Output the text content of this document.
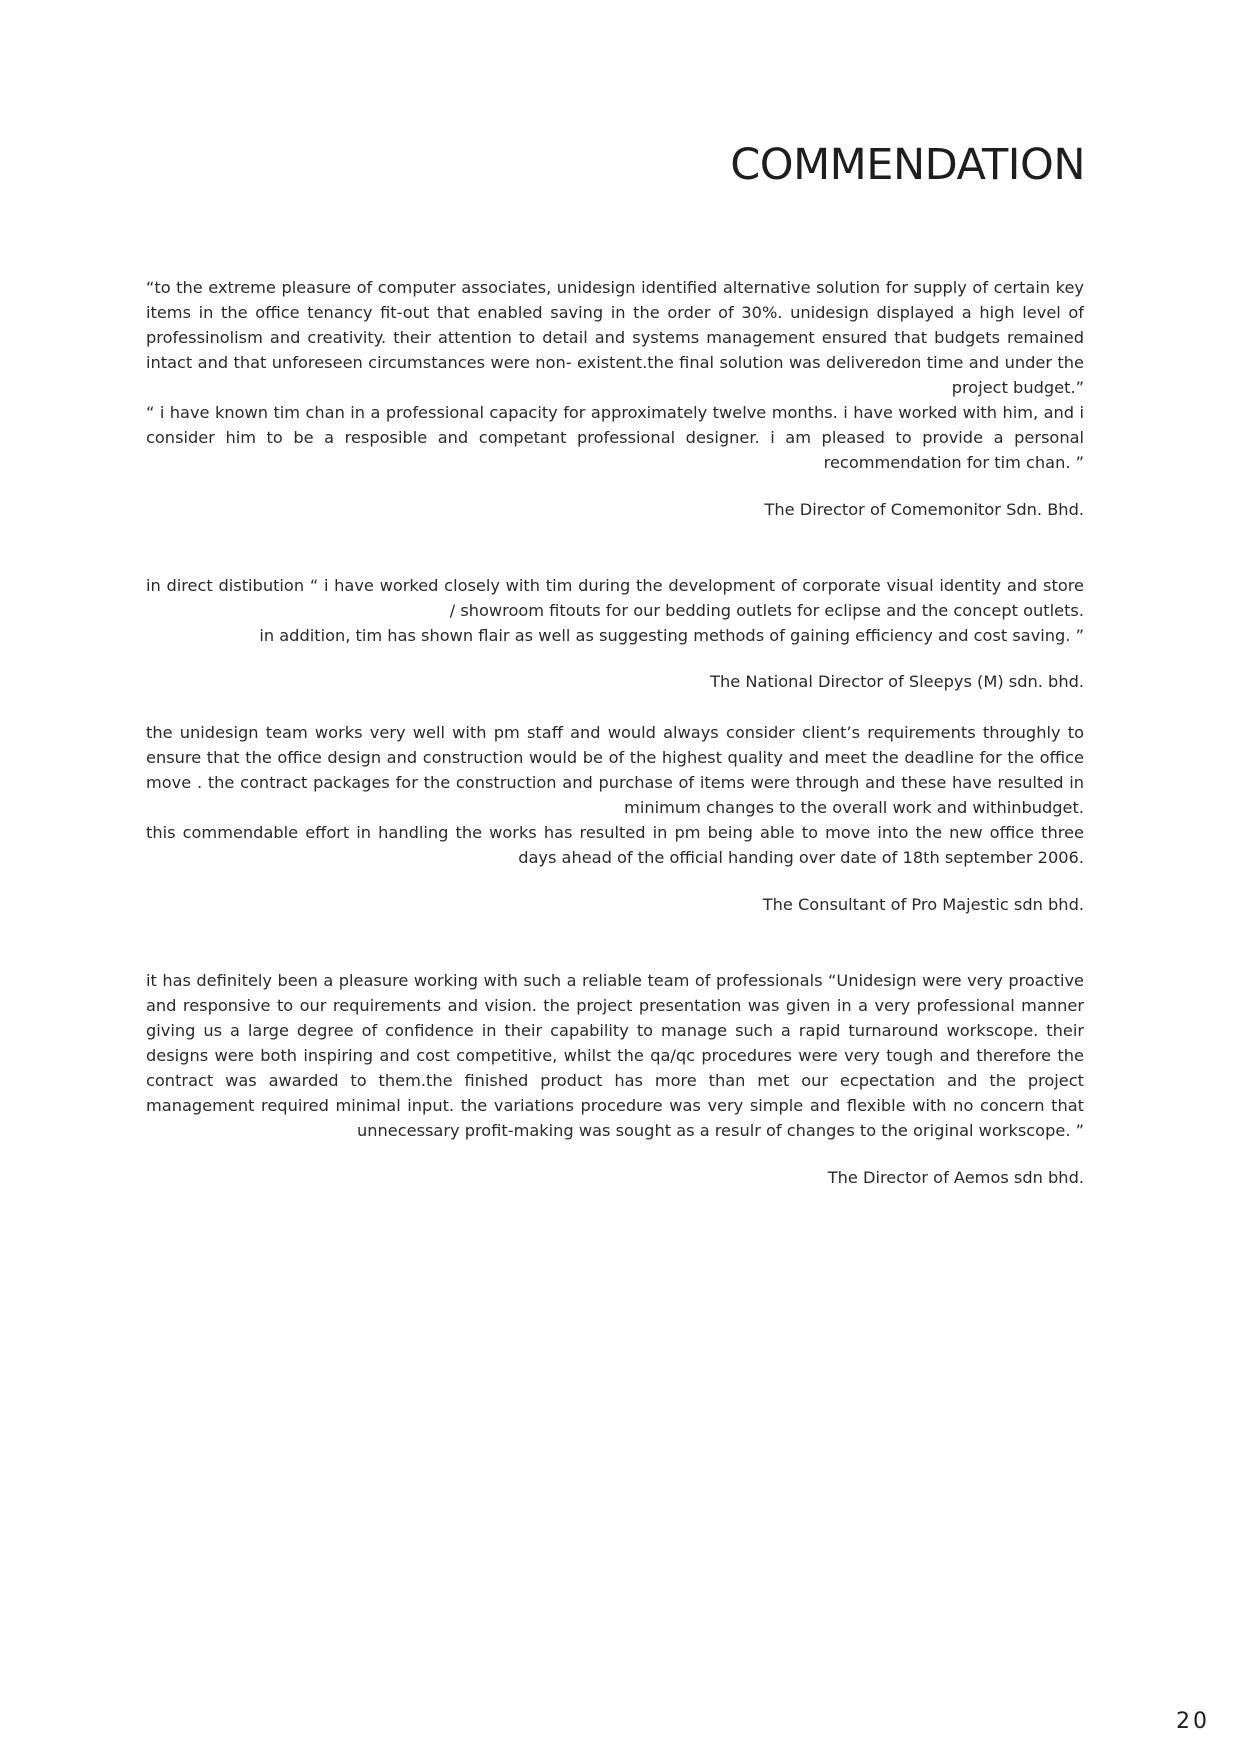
COMMENDATION

“to the extreme pleasure of computer associates, unidesign identified alternative solution for supply of certain key items in the office tenancy fit-out that enabled saving in the order of 30%. unidesign displayed a high level of professinolism and creativity. their attention to detail and systems management ensured that budgets remained intact and that unforeseen circumstances were non- existent.the final solution was deliveredon time and under the project budget.”

“ i have known tim chan in a professional capacity for approximately twelve months. i have worked with him, and i consider him to be a resposible and competant professional designer. i am pleased to provide a personal recommendation for tim chan. ”

The Director of Comemonitor Sdn. Bhd.

in direct distibution “ i have worked closely with tim during the development of corporate visual identity and store / showroom fitouts for our bedding outlets for eclipse and the concept outlets.

in addition, tim has shown flair as well as suggesting methods of gaining efficiency and cost saving. ”

The National Director of Sleepys (M) sdn. bhd.

the unidesign team works very well with pm staff and would always consider client’s requirements throughly to ensure that the office design and construction would be of the highest quality and meet the deadline for the office move . the contract packages for the construction and purchase of items were through and these have resulted in minimum changes to the overall work and withinbudget.

this commendable effort in handling the works has resulted in pm being able to move into the new office three days ahead of the official handing over date of 18th september 2006.

The Consultant of Pro Majestic sdn bhd.

it has definitely been a pleasure working with such a reliable team of professionals “Unidesign were very proactive and responsive to our requirements and vision. the project presentation was given in a very professional manner giving us a large degree of confidence in their capability to manage such a rapid turnaround workscope. their designs were both inspiring and cost competitive, whilst the qa/qc procedures were very tough and therefore the contract was awarded to them.the finished product has more than met our ecpectation and the project management required minimal input. the variations procedure was very simple and flexible with no concern that unnecessary profit-making was sought as a resulr of changes to the original workscope. ”

The Director of Aemos sdn bhd.

20
